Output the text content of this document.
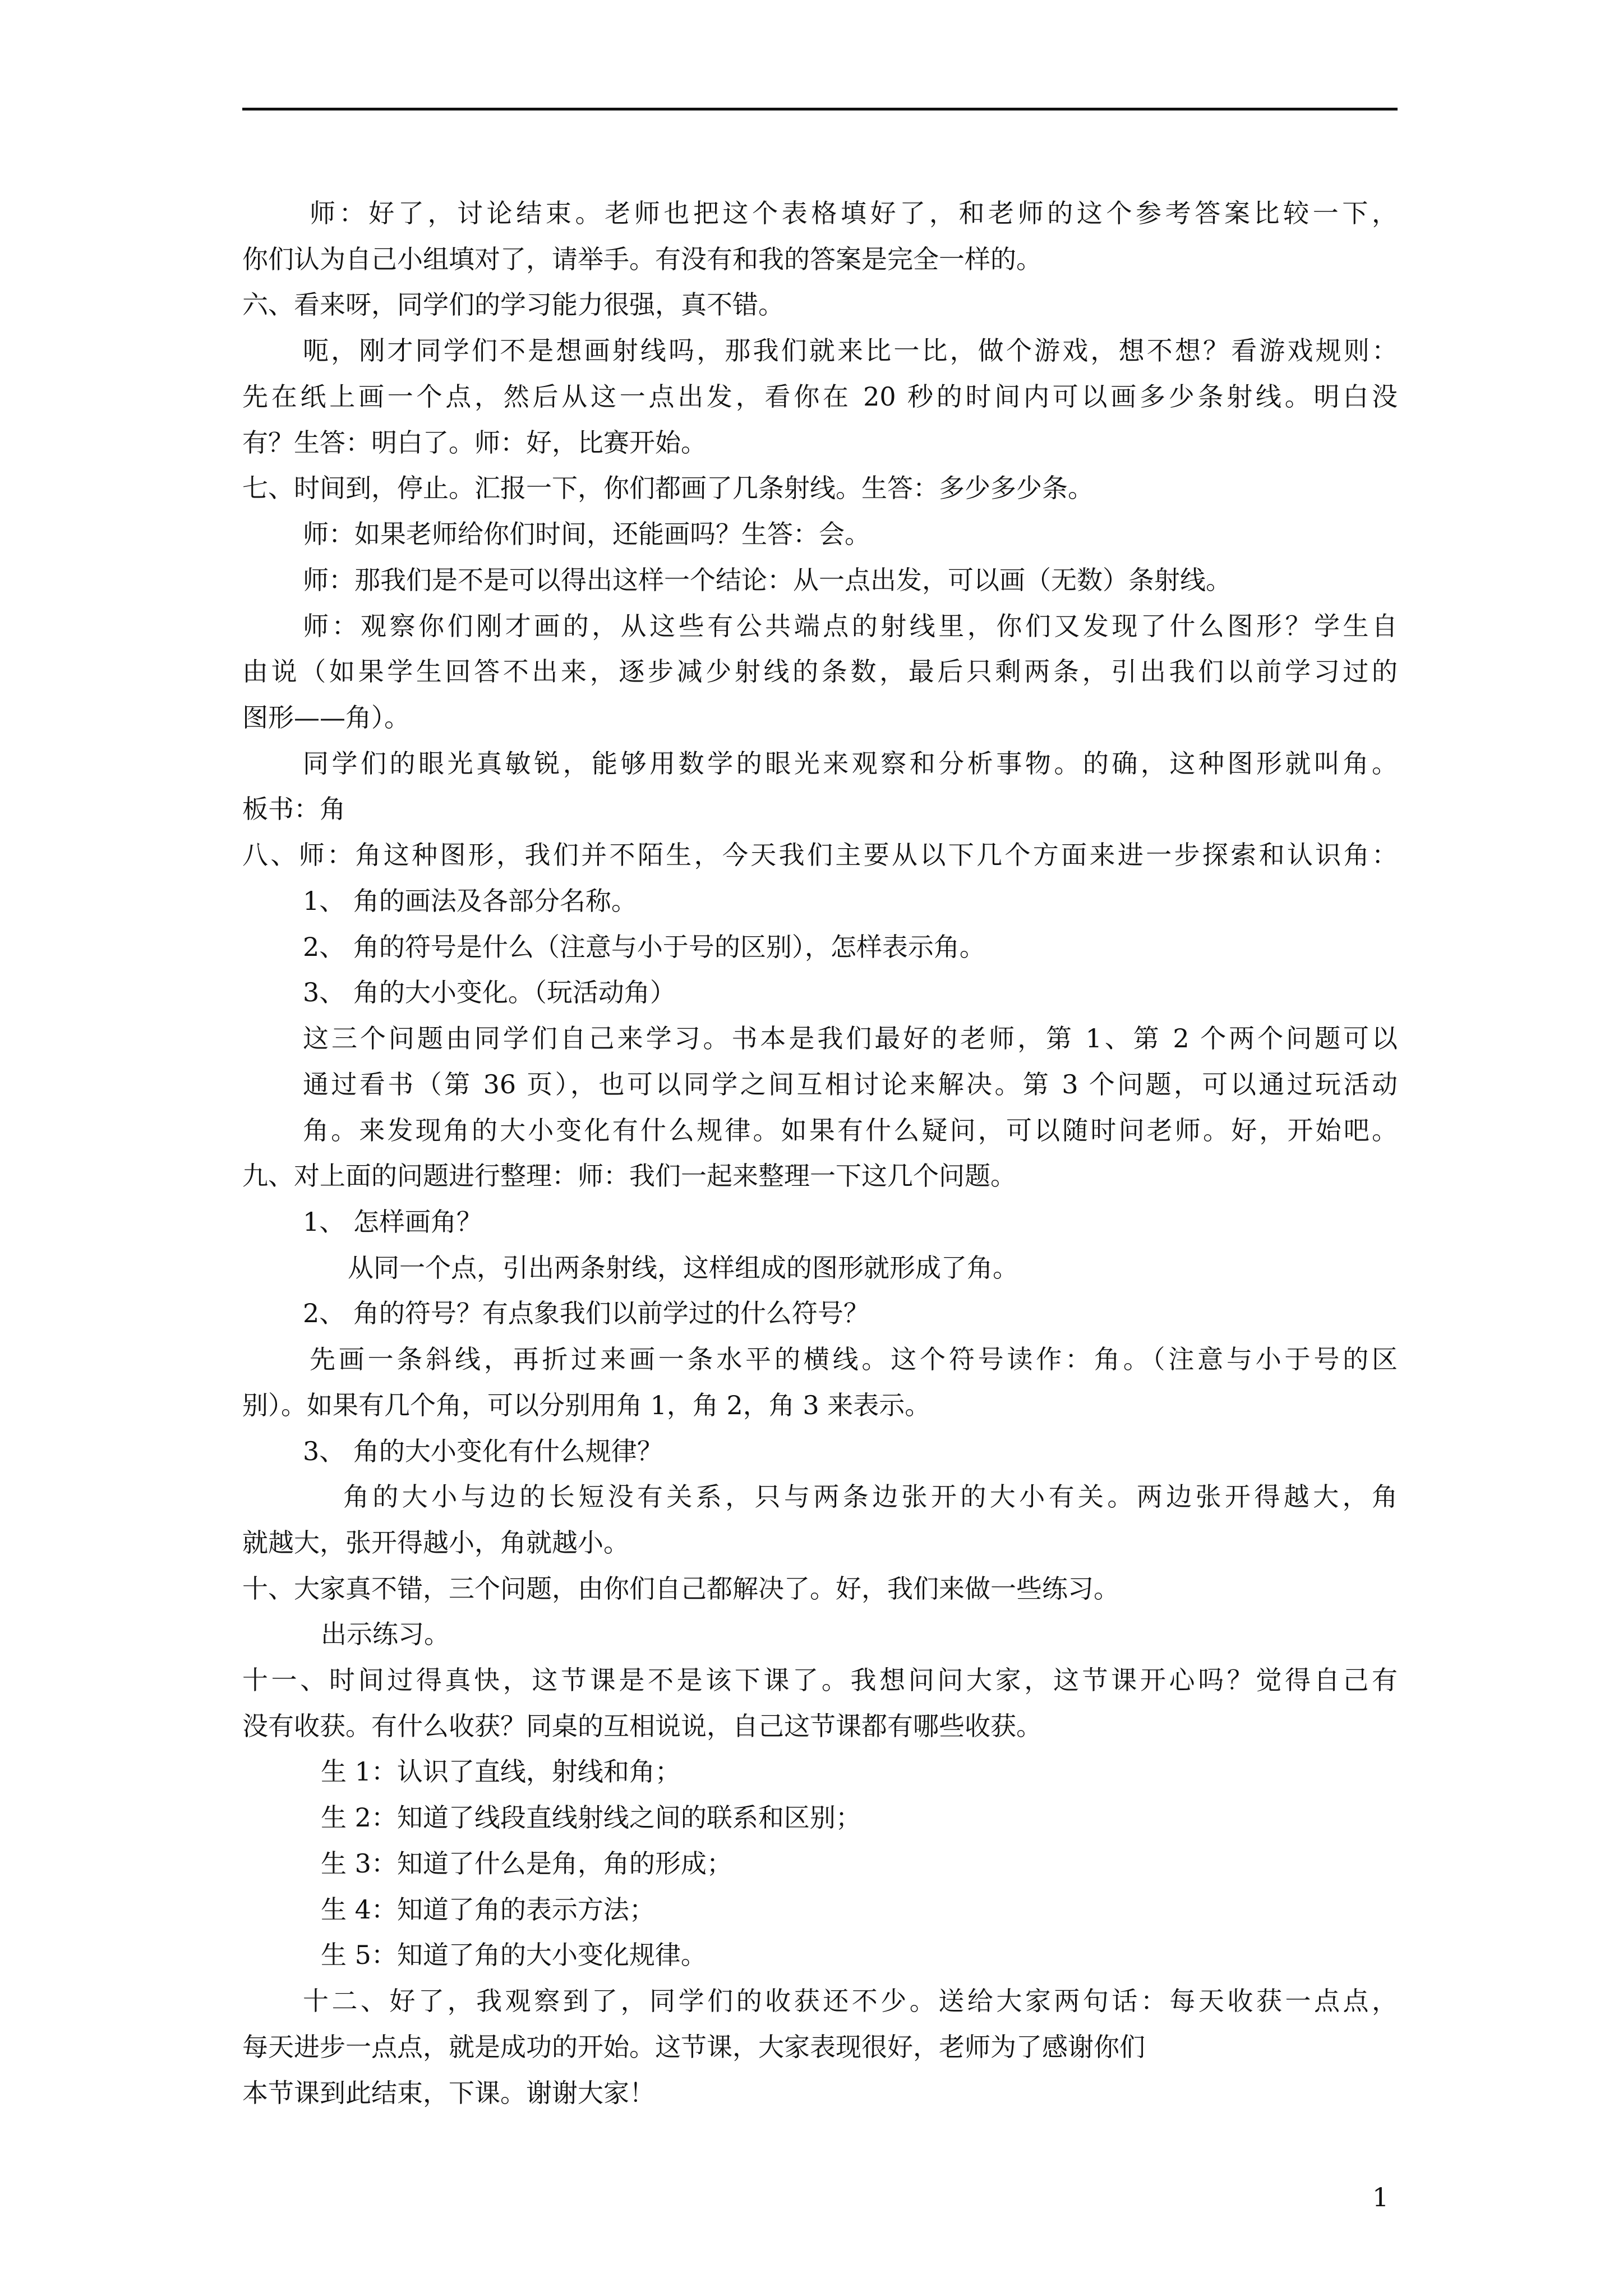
师：好了，讨论结束。老师也把这个表格填好了，和老师的这个参考答案比较一下，
你们认为自己小组填对了，请举手。有没有和我的答案是完全一样的。
六、看来呀，同学们的学习能力很强，真不错。
呃，刚才同学们不是想画射线吗，那我们就来比一比，做个游戏，想不想？看游戏规则：
先在纸上画一个点，然后从这一点出发，看你在 20 秒的时间内可以画多少条射线。明白没
有？生答：明白了。师：好，比赛开始。
七、时间到，停止。汇报一下，你们都画了几条射线。生答：多少多少条。
师：如果老师给你们时间，还能画吗？生答：会。
师：那我们是不是可以得出这样一个结论：从一点出发，可以画（无数）条射线。
师：观察你们刚才画的，从这些有公共端点的射线里，你们又发现了什么图形？学生自
由说（如果学生回答不出来，逐步减少射线的条数，最后只剩两条，引出我们以前学习过的
图形——角）。
同学们的眼光真敏锐，能够用数学的眼光来观察和分析事物。的确，这种图形就叫角。
板书：角
八、师：角这种图形，我们并不陌生，今天我们主要从以下几个方面来进一步探索和认识角：
1、 角的画法及各部分名称。
2、 角的符号是什么（注意与小于号的区别），怎样表示角。
3、 角的大小变化。（玩活动角）
这三个问题由同学们自己来学习。书本是我们最好的老师，第 1、第 2 个两个问题可以
通过看书（第 36 页），也可以同学之间互相讨论来解决。第 3 个问题，可以通过玩活动
角。来发现角的大小变化有什么规律。如果有什么疑问，可以随时问老师。好，开始吧。
九、对上面的问题进行整理：师：我们一起来整理一下这几个问题。
1、 怎样画角？
从同一个点，引出两条射线，这样组成的图形就形成了角。
2、 角的符号？有点象我们以前学过的什么符号？
先画一条斜线，再折过来画一条水平的横线。这个符号读作：角。（注意与小于号的区
别）。如果有几个角，可以分别用角 1，角 2，角 3 来表示。
3、 角的大小变化有什么规律？
角的大小与边的长短没有关系，只与两条边张开的大小有关。两边张开得越大，角
就越大，张开得越小，角就越小。
十、大家真不错，三个问题，由你们自己都解决了。好，我们来做一些练习。
出示练习。
十一、时间过得真快，这节课是不是该下课了。我想问问大家，这节课开心吗？觉得自己有
没有收获。有什么收获？同桌的互相说说，自己这节课都有哪些收获。
生 1：认识了直线，射线和角；
生 2：知道了线段直线射线之间的联系和区别；
生 3：知道了什么是角，角的形成；
生 4：知道了角的表示方法；
生 5：知道了角的大小变化规律。
十二、好了，我观察到了，同学们的收获还不少。送给大家两句话：每天收获一点点，
每天进步一点点，就是成功的开始。这节课，大家表现很好，老师为了感谢你们
本节课到此结束，下课。谢谢大家！
1
